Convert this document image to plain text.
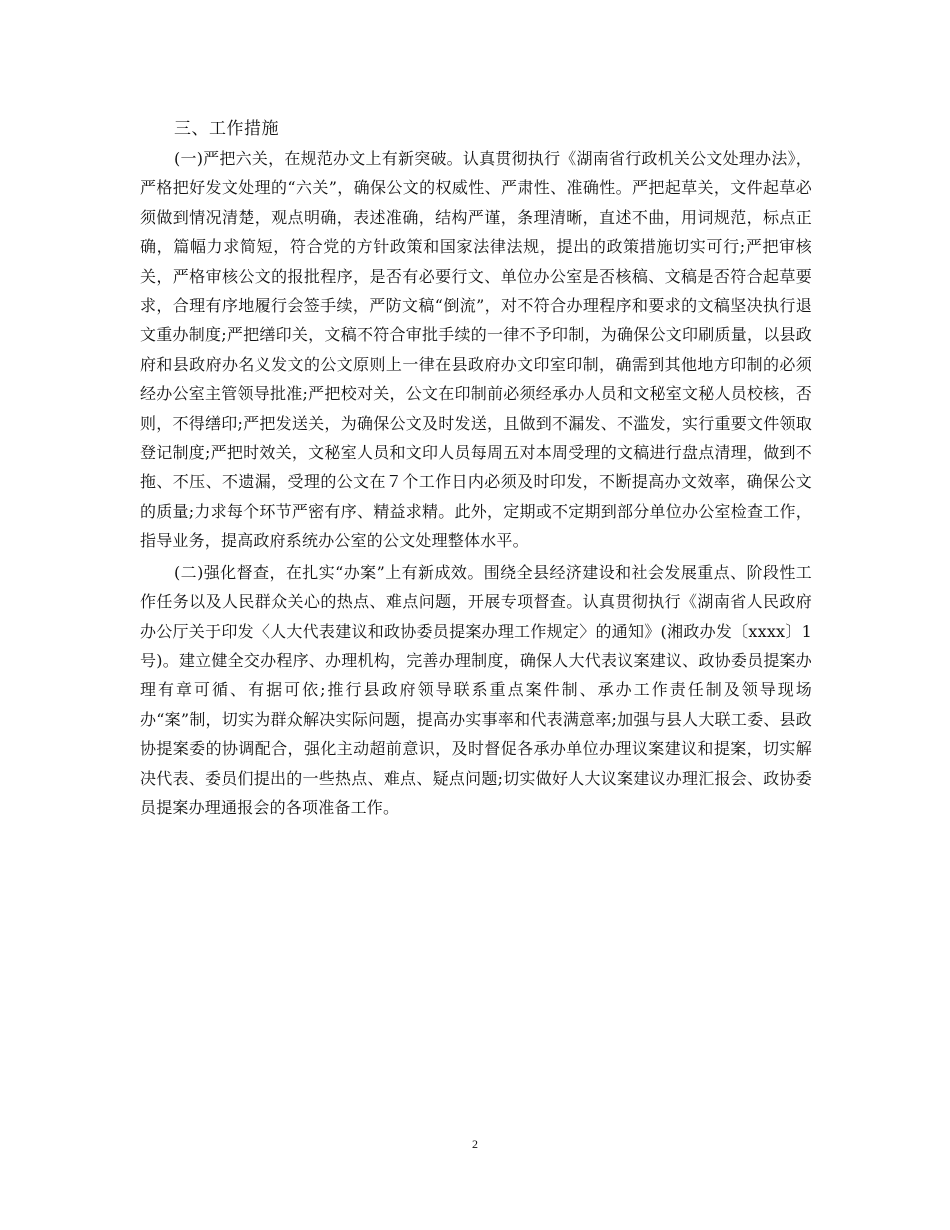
三、工作措施

(一)严把六关，在规范办文上有新突破。认真贯彻执行《湖南省行政机关公文处理办法》，严格把好发文处理的“六关”，确保公文的权威性、严肃性、准确性。严把起草关，文件起草必须做到情况清楚，观点明确，表述准确，结构严谨，条理清晰，直述不曲，用词规范，标点正确，篇幅力求简短，符合党的方针政策和国家法律法规，提出的政策措施切实可行;严把审核关，严格审核公文的报批程序，是否有必要行文、单位办公室是否核稿、文稿是否符合起草要求，合理有序地履行会签手续，严防文稿“倒流”，对不符合办理程序和要求的文稿坚决执行退文重办制度;严把缮印关，文稿不符合审批手续的一律不予印制，为确保公文印刷质量，以县政府和县政府办名义发文的公文原则上一律在县政府办文印室印制，确需到其他地方印制的必须经办公室主管领导批准;严把校对关，公文在印制前必须经承办人员和文秘室文秘人员校核，否则，不得缮印;严把发送关，为确保公文及时发送，且做到不漏发、不滥发，实行重要文件领取登记制度;严把时效关，文秘室人员和文印人员每周五对本周受理的文稿进行盘点清理，做到不拖、不压、不遗漏，受理的公文在７个工作日内必须及时印发，不断提高办文效率，确保公文的质量;力求每个环节严密有序、精益求精。此外，定期或不定期到部分单位办公室检查工作，指导业务，提高政府系统办公室的公文处理整体水平。

(二)强化督查，在扎实“办案”上有新成效。围绕全县经济建设和社会发展重点、阶段性工作任务以及人民群众关心的热点、难点问题，开展专项督查。认真贯彻执行《湖南省人民政府办公厅关于印发〈人大代表建议和政协委员提案办理工作规定〉的通知》(湘政办发〔xxxx〕1号)。建立健全交办程序、办理机构，完善办理制度，确保人大代表议案建议、政协委员提案办理有章可循、有据可依;推行县政府领导联系重点案件制、承办工作责任制及领导现场办“案”制，切实为群众解决实际问题，提高办实事率和代表满意率;加强与县人大联工委、县政协提案委的协调配合，强化主动超前意识，及时督促各承办单位办理议案建议和提案，切实解决代表、委员们提出的一些热点、难点、疑点问题;切实做好人大议案建议办理汇报会、政协委员提案办理通报会的各项准备工作。

2
